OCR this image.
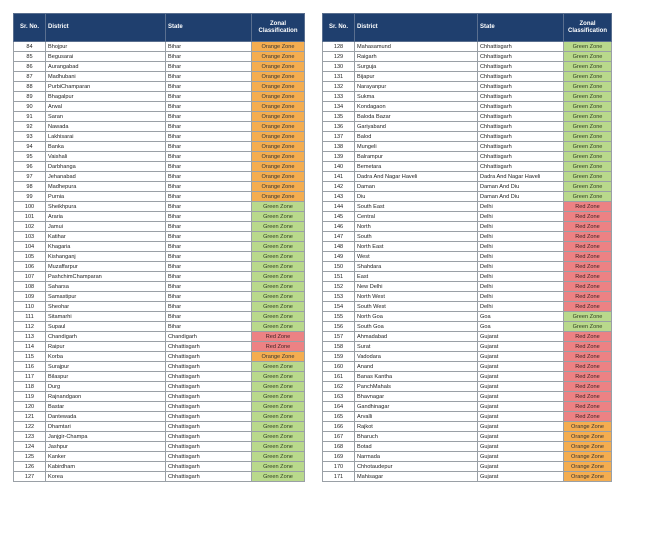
Sr. No.	District	State	Zonal Classification
84	Bhojpur	Bihar	Orange Zone
85	Begusarai	Bihar	Orange Zone
86	Aurangabad	Bihar	Orange Zone
87	Madhubani	Bihar	Orange Zone
88	PurbiChamparan	Bihar	Orange Zone
89	Bhagalpur	Bihar	Orange Zone
90	Arwal	Bihar	Orange Zone
91	Saran	Bihar	Orange Zone
92	Nawada	Bihar	Orange Zone
93	Lakhisarai	Bihar	Orange Zone
94	Banka	Bihar	Orange Zone
95	Vaishali	Bihar	Orange Zone
96	Darbhanga	Bihar	Orange Zone
97	Jehanabad	Bihar	Orange Zone
98	Madhepura	Bihar	Orange Zone
99	Purnia	Bihar	Orange Zone
100	Sheikhpura	Bihar	Green Zone
101	Araria	Bihar	Green Zone
102	Jamui	Bihar	Green Zone
103	Katihar	Bihar	Green Zone
104	Khagaria	Bihar	Green Zone
105	Kishanganj	Bihar	Green Zone
106	Muzaffarpur	Bihar	Green Zone
107	PashchimChamparan	Bihar	Green Zone
108	Saharsa	Bihar	Green Zone
109	Samastipur	Bihar	Green Zone
110	Sheohar	Bihar	Green Zone
111	Sitamarhi	Bihar	Green Zone
112	Supaul	Bihar	Green Zone
113	Chandigarh	Chandigarh	Red Zone
114	Raipur	Chhattisgarh	Red Zone
115	Korba	Chhattisgarh	Orange Zone
116	Surajpur	Chhattisgarh	Green Zone
117	Bilaspur	Chhattisgarh	Green Zone
118	Durg	Chhattisgarh	Green Zone
119	Rajnandgaon	Chhattisgarh	Green Zone
120	Bastar	Chhattisgarh	Green Zone
121	Dantewada	Chhattisgarh	Green Zone
122	Dhamtari	Chhattisgarh	Green Zone
123	Janjgir-Champa	Chhattisgarh	Green Zone
124	Jashpur	Chhattisgarh	Green Zone
125	Kanker	Chhattisgarh	Green Zone
126	Kabirdham	Chhattisgarh	Green Zone
127	Korea	Chhattisgarh	Green Zone
Sr. No.	District	State	Zonal Classification
128	Mahasamund	Chhattisgarh	Green Zone
129	Raigarh	Chhattisgarh	Green Zone
130	Surguja	Chhattisgarh	Green Zone
131	Bijapur	Chhattisgarh	Green Zone
132	Narayanpur	Chhattisgarh	Green Zone
133	Sukma	Chhattisgarh	Green Zone
134	Kondagaon	Chhattisgarh	Green Zone
135	Baloda Bazar	Chhattisgarh	Green Zone
136	Gariyaband	Chhattisgarh	Green Zone
137	Balod	Chhattisgarh	Green Zone
138	Mungeli	Chhattisgarh	Green Zone
139	Balrampur	Chhattisgarh	Green Zone
140	Bemetara	Chhattisgarh	Green Zone
141	Dadra And Nagar Haveli	Dadra And Nagar Haveli	Green Zone
142	Daman	Daman And Diu	Green Zone
143	Diu	Daman And Diu	Green Zone
144	South East	Delhi	Red Zone
145	Central	Delhi	Red Zone
146	North	Delhi	Red Zone
147	South	Delhi	Red Zone
148	North East	Delhi	Red Zone
149	West	Delhi	Red Zone
150	Shahdara	Delhi	Red Zone
151	East	Delhi	Red Zone
152	New Delhi	Delhi	Red Zone
153	North West	Delhi	Red Zone
154	South West	Delhi	Red Zone
155	North Goa	Goa	Green Zone
156	South Goa	Goa	Green Zone
157	Ahmadabad	Gujarat	Red Zone
158	Surat	Gujarat	Red Zone
159	Vadodara	Gujarat	Red Zone
160	Anand	Gujarat	Red Zone
161	Banas Kantha	Gujarat	Red Zone
162	PanchMahals	Gujarat	Red Zone
163	Bhavnagar	Gujarat	Red Zone
164	Gandhinagar	Gujarat	Red Zone
165	Arvalli	Gujarat	Red Zone
166	Rajkot	Gujarat	Orange Zone
167	Bharuch	Gujarat	Orange Zone
168	Botad	Gujarat	Orange Zone
169	Narmada	Gujarat	Orange Zone
170	Chhotaudepur	Gujarat	Orange Zone
171	Mahisagar	Gujarat	Orange Zone
